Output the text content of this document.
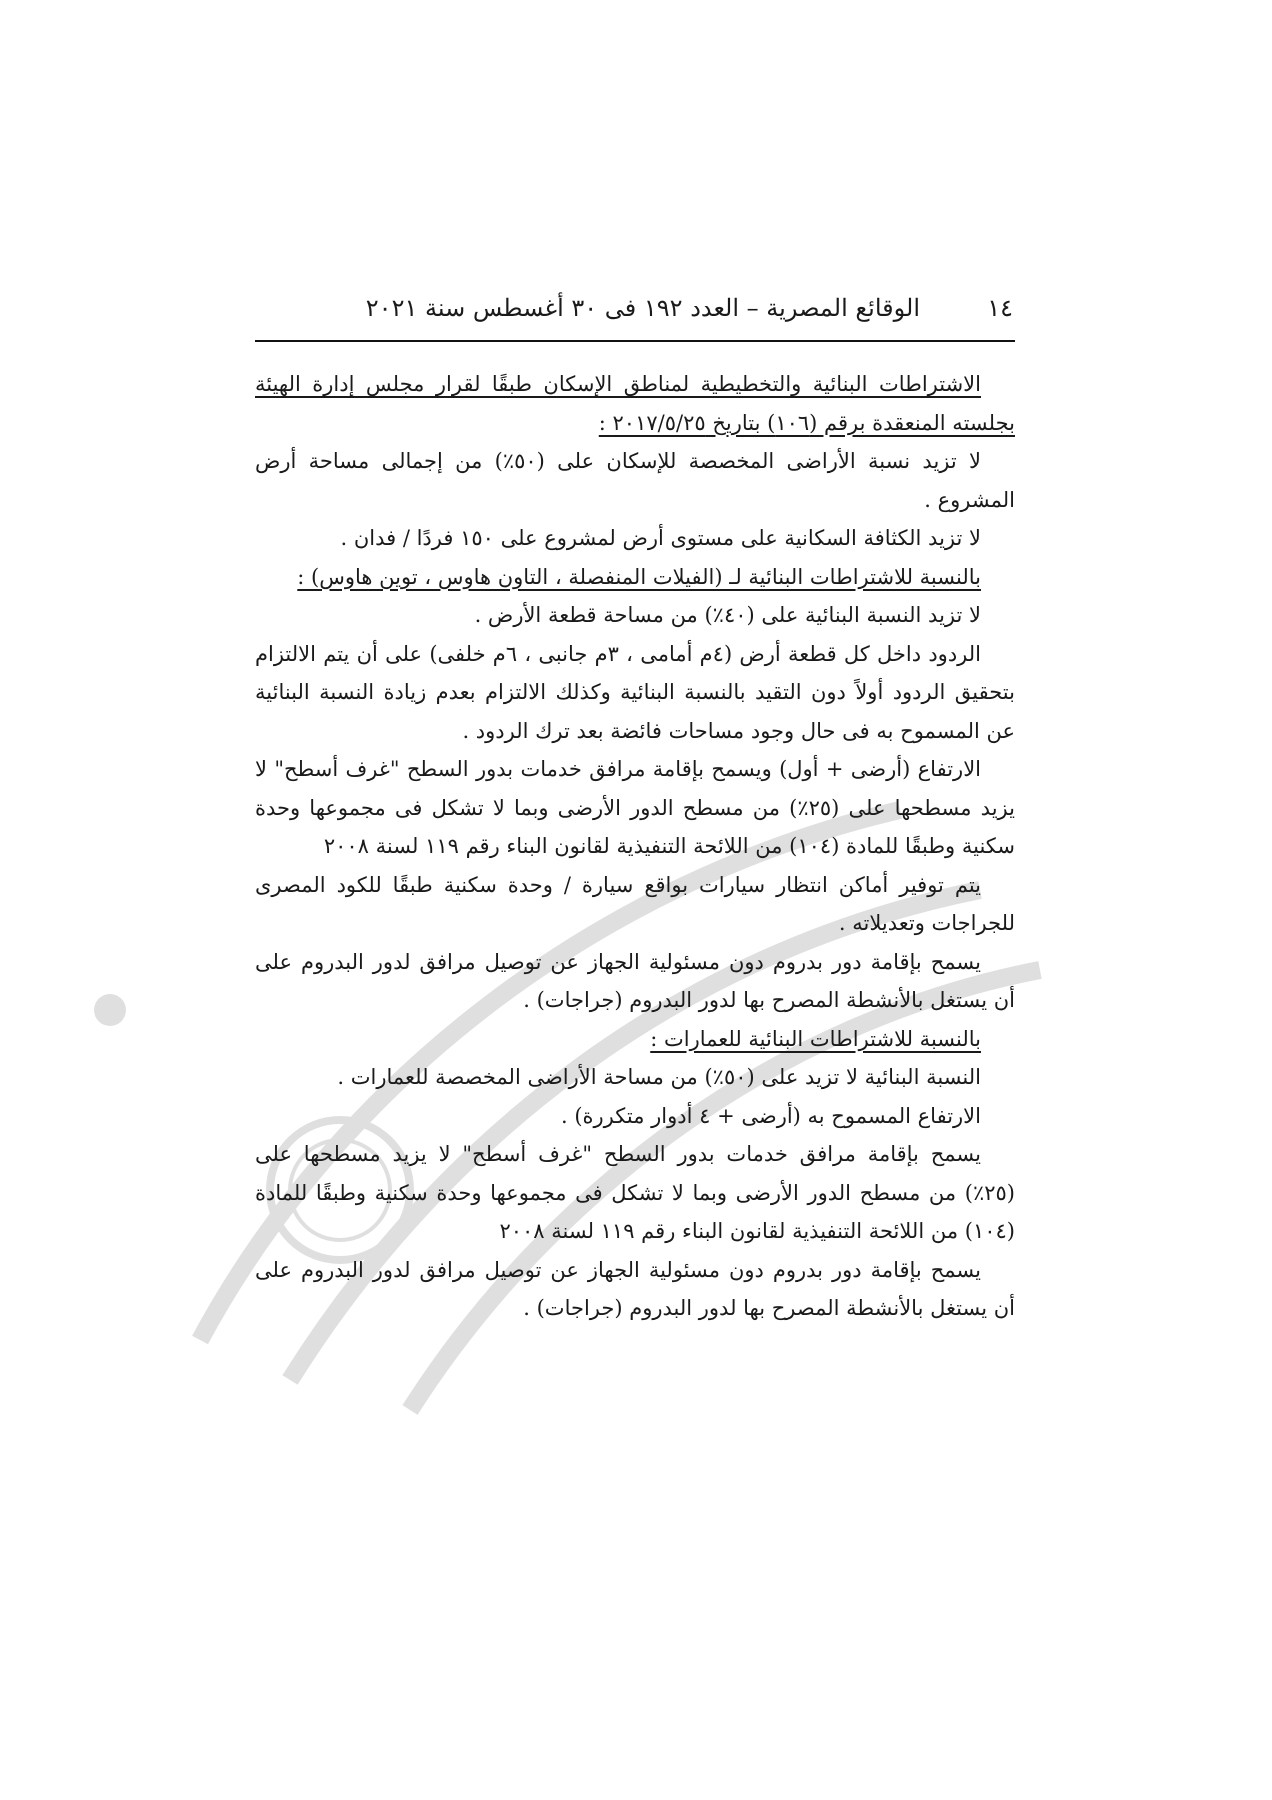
١٤
الوقائع المصرية – العدد ١٩٢ فى ٣٠ أغسطس سنة ٢٠٢١

الاشتراطات البنائية والتخطيطية لمناطق الإسكان طبقًا لقرار مجلس إدارة الهيئة بجلسته المنعقدة برقم (١٠٦) بتاريخ ٢٠١٧/٥/٢٥ :

لا تزيد نسبة الأراضى المخصصة للإسكان على (٥٠٪) من إجمالى مساحة أرض المشروع .

لا تزيد الكثافة السكانية على مستوى أرض لمشروع على ١٥٠ فردًا / فدان .

بالنسبة للاشتراطات البنائية لـ (الفيلات المنفصلة ، التاون هاوس ، توين هاوس) :

لا تزيد النسبة البنائية على (٤٠٪) من مساحة قطعة الأرض .

الردود داخل كل قطعة أرض (٤م أمامى ، ٣م جانبى ، ٦م خلفى) على أن يتم الالتزام بتحقيق الردود أولاً دون التقيد بالنسبة البنائية وكذلك الالتزام بعدم زيادة النسبة البنائية عن المسموح به فى حال وجود مساحات فائضة بعد ترك الردود .

الارتفاع (أرضى + أول) ويسمح بإقامة مرافق خدمات بدور السطح "غرف أسطح" لا يزيد مسطحها على (٢٥٪) من مسطح الدور الأرضى وبما لا تشكل فى مجموعها وحدة سكنية وطبقًا للمادة (١٠٤) من اللائحة التنفيذية لقانون البناء رقم ١١٩ لسنة ٢٠٠٨

يتم توفير أماكن انتظار سيارات بواقع سيارة / وحدة سكنية طبقًا للكود المصرى للجراجات وتعديلاته .

يسمح بإقامة دور بدروم دون مسئولية الجهاز عن توصيل مرافق لدور البدروم على أن يستغل بالأنشطة المصرح بها لدور البدروم (جراجات) .

بالنسبة للاشتراطات البنائية للعمارات :

النسبة البنائية لا تزيد على (٥٠٪) من مساحة الأراضى المخصصة للعمارات .

الارتفاع المسموح به (أرضى + ٤ أدوار متكررة) .

يسمح بإقامة مرافق خدمات بدور السطح "غرف أسطح" لا يزيد مسطحها على (٢٥٪) من مسطح الدور الأرضى وبما لا تشكل فى مجموعها وحدة سكنية وطبقًا للمادة (١٠٤) من اللائحة التنفيذية لقانون البناء رقم ١١٩ لسنة ٢٠٠٨

يسمح بإقامة دور بدروم دون مسئولية الجهاز عن توصيل مرافق لدور البدروم على أن يستغل بالأنشطة المصرح بها لدور البدروم (جراجات) .
